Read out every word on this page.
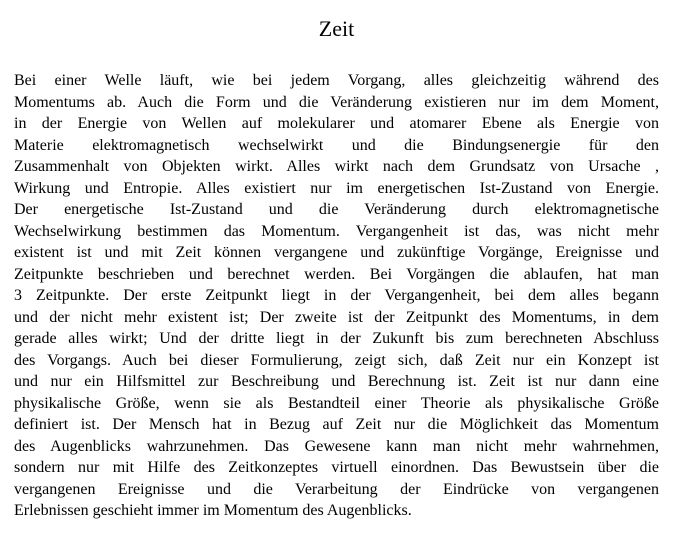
Zeit
Bei einer Welle läuft, wie bei jedem Vorgang, alles gleichzeitig während des
Momentums ab. Auch die Form und die Veränderung existieren nur im dem Moment,
in der Energie von Wellen auf molekularer und atomarer Ebene als Energie von
Materie elektromagnetisch wechselwirkt und die Bindungsenergie für den
Zusammenhalt von Objekten wirkt. Alles wirkt nach dem Grundsatz von Ursache ,
Wirkung und Entropie. Alles existiert nur im energetischen Ist-Zustand von Energie.
Der energetische Ist-Zustand und die Veränderung durch elektromagnetische
Wechselwirkung bestimmen das Momentum. Vergangenheit ist das, was nicht mehr
existent ist und mit Zeit können vergangene und zukünftige Vorgänge, Ereignisse und
Zeitpunkte beschrieben und berechnet werden. Bei Vorgängen die ablaufen, hat man
3 Zeitpunkte. Der erste Zeitpunkt liegt in der Vergangenheit, bei dem alles begann
und der nicht mehr existent ist; Der zweite ist der Zeitpunkt des Momentums, in dem
gerade alles wirkt; Und der dritte liegt in der Zukunft bis zum berechneten Abschluss
des Vorgangs. Auch bei dieser Formulierung, zeigt sich, daß Zeit nur ein Konzept ist
und nur ein Hilfsmittel zur Beschreibung und Berechnung ist. Zeit ist nur dann eine
physikalische Größe, wenn sie als Bestandteil einer Theorie als physikalische Größe
definiert ist. Der Mensch hat in Bezug auf Zeit nur die Möglichkeit das Momentum
des Augenblicks wahrzunehmen. Das Gewesene kann man nicht mehr wahrnehmen,
sondern nur mit Hilfe des Zeitkonzeptes virtuell einordnen. Das Bewustsein über die
vergangenen Ereignisse und die Verarbeitung der Eindrücke von vergangenen
Erlebnissen geschieht immer im Momentum des Augenblicks.
